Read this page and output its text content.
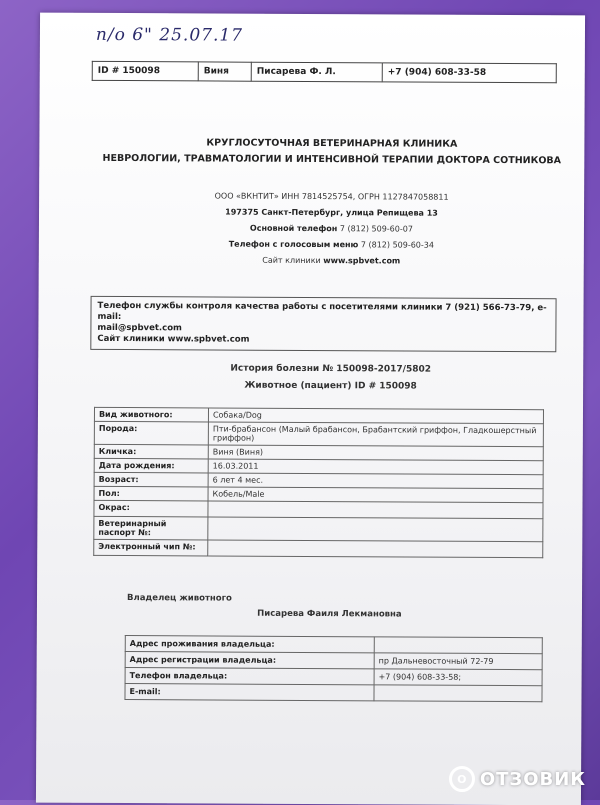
п/о 6" 25.07.17
ID # 150098	Виня	Писарева Ф. Л.	+7 (904) 608-33-58
КРУГЛОСУТОЧНАЯ ВЕТЕРИНАРНАЯ КЛИНИКА
НЕВРОЛОГИИ, ТРАВМАТОЛОГИИ И ИНТЕНСИВНОЙ ТЕРАПИИ ДОКТОРА СОТНИКОВА
ООО «ВКНТИТ» ИНН 7814525754, ОГРН 1127847058811
197375 Санкт-Петербург, улица Репищева 13
Основной телефон 7 (812) 509-60-07
Телефон с голосовым меню 7 (812) 509-60-34
Сайт клиники www.spbvet.com
Телефон службы контроля качества работы с посетителями клиники 7 (921) 566-73-79, e-mail:
mail@spbvet.com
Сайт клиники www.spbvet.com
История болезни № 150098-2017/5802
Животное (пациент) ID # 150098
Вид животного:	Собака/Dog
Порода:	Пти-брабансон (Малый брабансон, Брабантский гриффон, Гладкошерстный гриффон)
Кличка:	Виня (Виня)
Дата рождения:	16.03.2011
Возраст:	6 лет 4 мес.
Пол:	Кобель/Male
Окрас:	
Ветеринарный паспорт №:	
Электронный чип №:	
Владелец животного
Писарева Фаиля Лекмановна
Адрес проживания владельца:	
Адрес регистрации владельца:	пр Дальневосточный 72-79
Телефон владельца:	+7 (904) 608-33-58;
E-mail:	
О ОТЗОВИК
